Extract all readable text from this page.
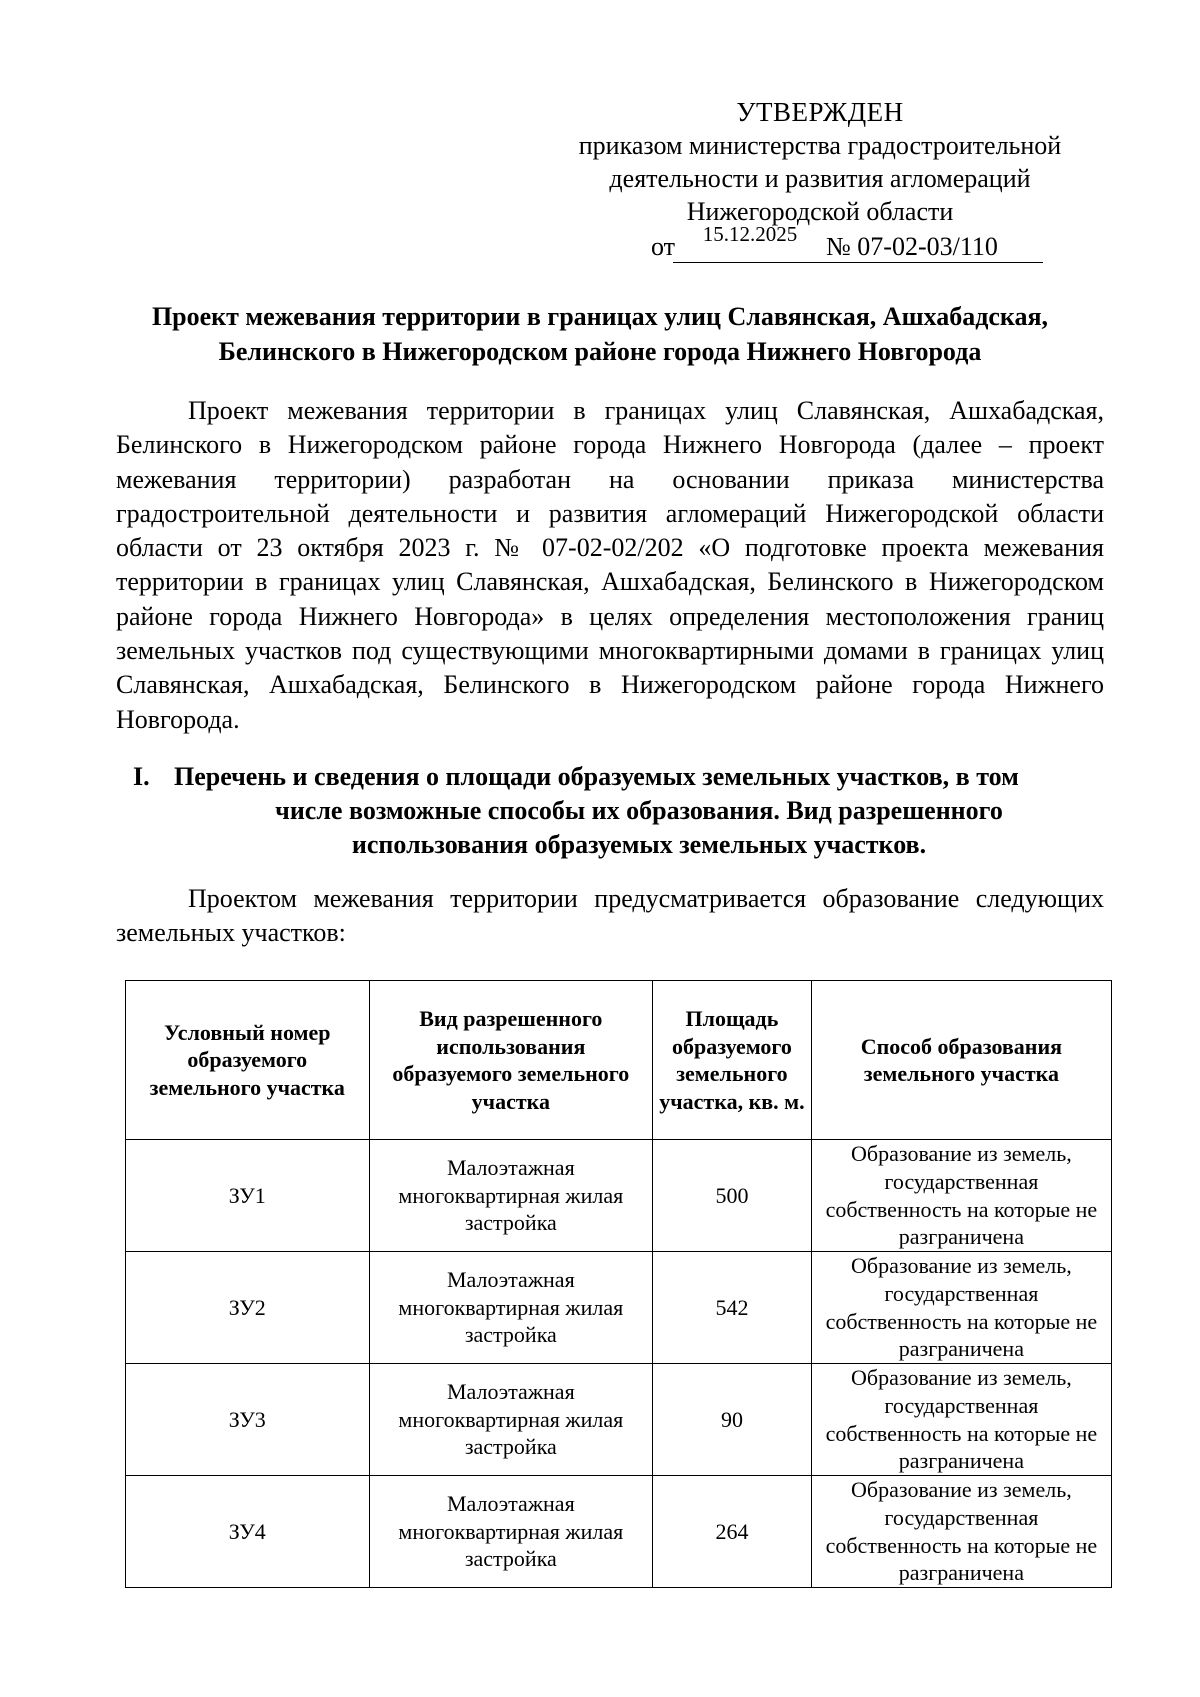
УТВЕРЖДЕН
приказом министерства градостроительной
деятельности и развития агломераций
Нижегородской области
от	15.12.2025	№ 07-02-03/110
Проект межевания территории в границах улиц Славянская, Ашхабадская,
Белинского в Нижегородском районе города Нижнего Новгорода
Проект межевания территории в границах улиц Славянская, Ашхабадская, Белинского в Нижегородском районе города Нижнего Новгорода (далее – проект межевания территории) разработан на основании приказа министерства градостроительной деятельности и развития агломераций Нижегородской области области от 23 октября 2023 г. № 07-02-02/202 «О подготовке проекта межевания территории в границах улиц Славянская, Ашхабадская, Белинского в Нижегородском районе города Нижнего Новгорода» в целях определения местоположения границ земельных участков под существующими многоквартирными домами в границах улиц Славянская, Ашхабадская, Белинского в Нижегородском районе города Нижнего Новгорода.
I. Перечень и сведения о площади образуемых земельных участков, в том
числе возможные способы их образования. Вид разрешенного
использования образуемых земельных участков.
Проектом межевания территории предусматривается образование следующих земельных участков:
Условный номер образуемого земельного участка	Вид разрешенного использования образуемого земельного участка	Площадь образуемого земельного участка, кв. м.	Способ образования земельного участка
ЗУ1	Малоэтажная многоквартирная жилая застройка	500	Образование из земель, государственная собственность на которые не разграничена
ЗУ2	Малоэтажная многоквартирная жилая застройка	542	Образование из земель, государственная собственность на которые не разграничена
ЗУ3	Малоэтажная многоквартирная жилая застройка	90	Образование из земель, государственная собственность на которые не разграничена
ЗУ4	Малоэтажная многоквартирная жилая застройка	264	Образование из земель, государственная собственность на которые не разграничена
